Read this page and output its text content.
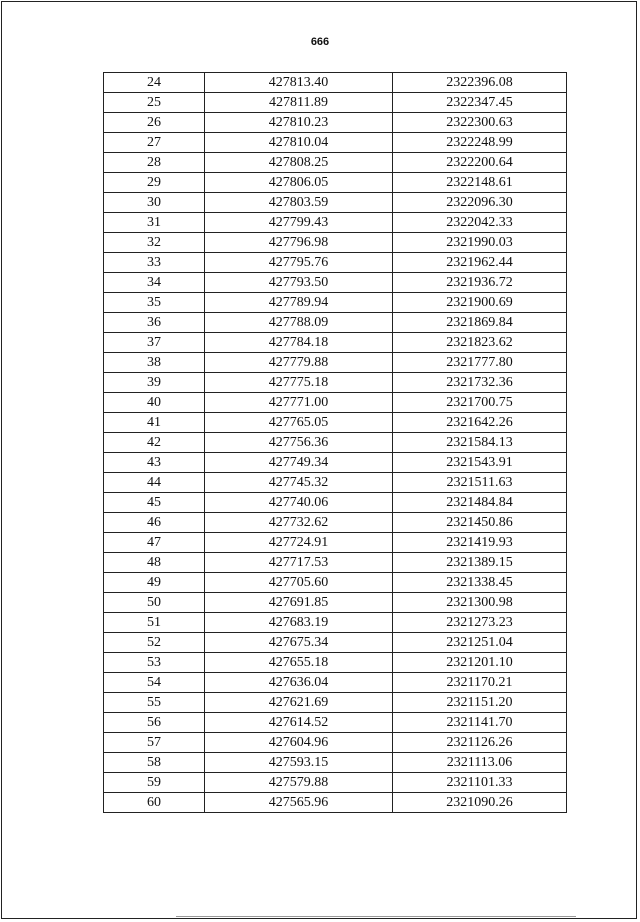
666
24	427813.40	2322396.08
25	427811.89	2322347.45
26	427810.23	2322300.63
27	427810.04	2322248.99
28	427808.25	2322200.64
29	427806.05	2322148.61
30	427803.59	2322096.30
31	427799.43	2322042.33
32	427796.98	2321990.03
33	427795.76	2321962.44
34	427793.50	2321936.72
35	427789.94	2321900.69
36	427788.09	2321869.84
37	427784.18	2321823.62
38	427779.88	2321777.80
39	427775.18	2321732.36
40	427771.00	2321700.75
41	427765.05	2321642.26
42	427756.36	2321584.13
43	427749.34	2321543.91
44	427745.32	2321511.63
45	427740.06	2321484.84
46	427732.62	2321450.86
47	427724.91	2321419.93
48	427717.53	2321389.15
49	427705.60	2321338.45
50	427691.85	2321300.98
51	427683.19	2321273.23
52	427675.34	2321251.04
53	427655.18	2321201.10
54	427636.04	2321170.21
55	427621.69	2321151.20
56	427614.52	2321141.70
57	427604.96	2321126.26
58	427593.15	2321113.06
59	427579.88	2321101.33
60	427565.96	2321090.26
